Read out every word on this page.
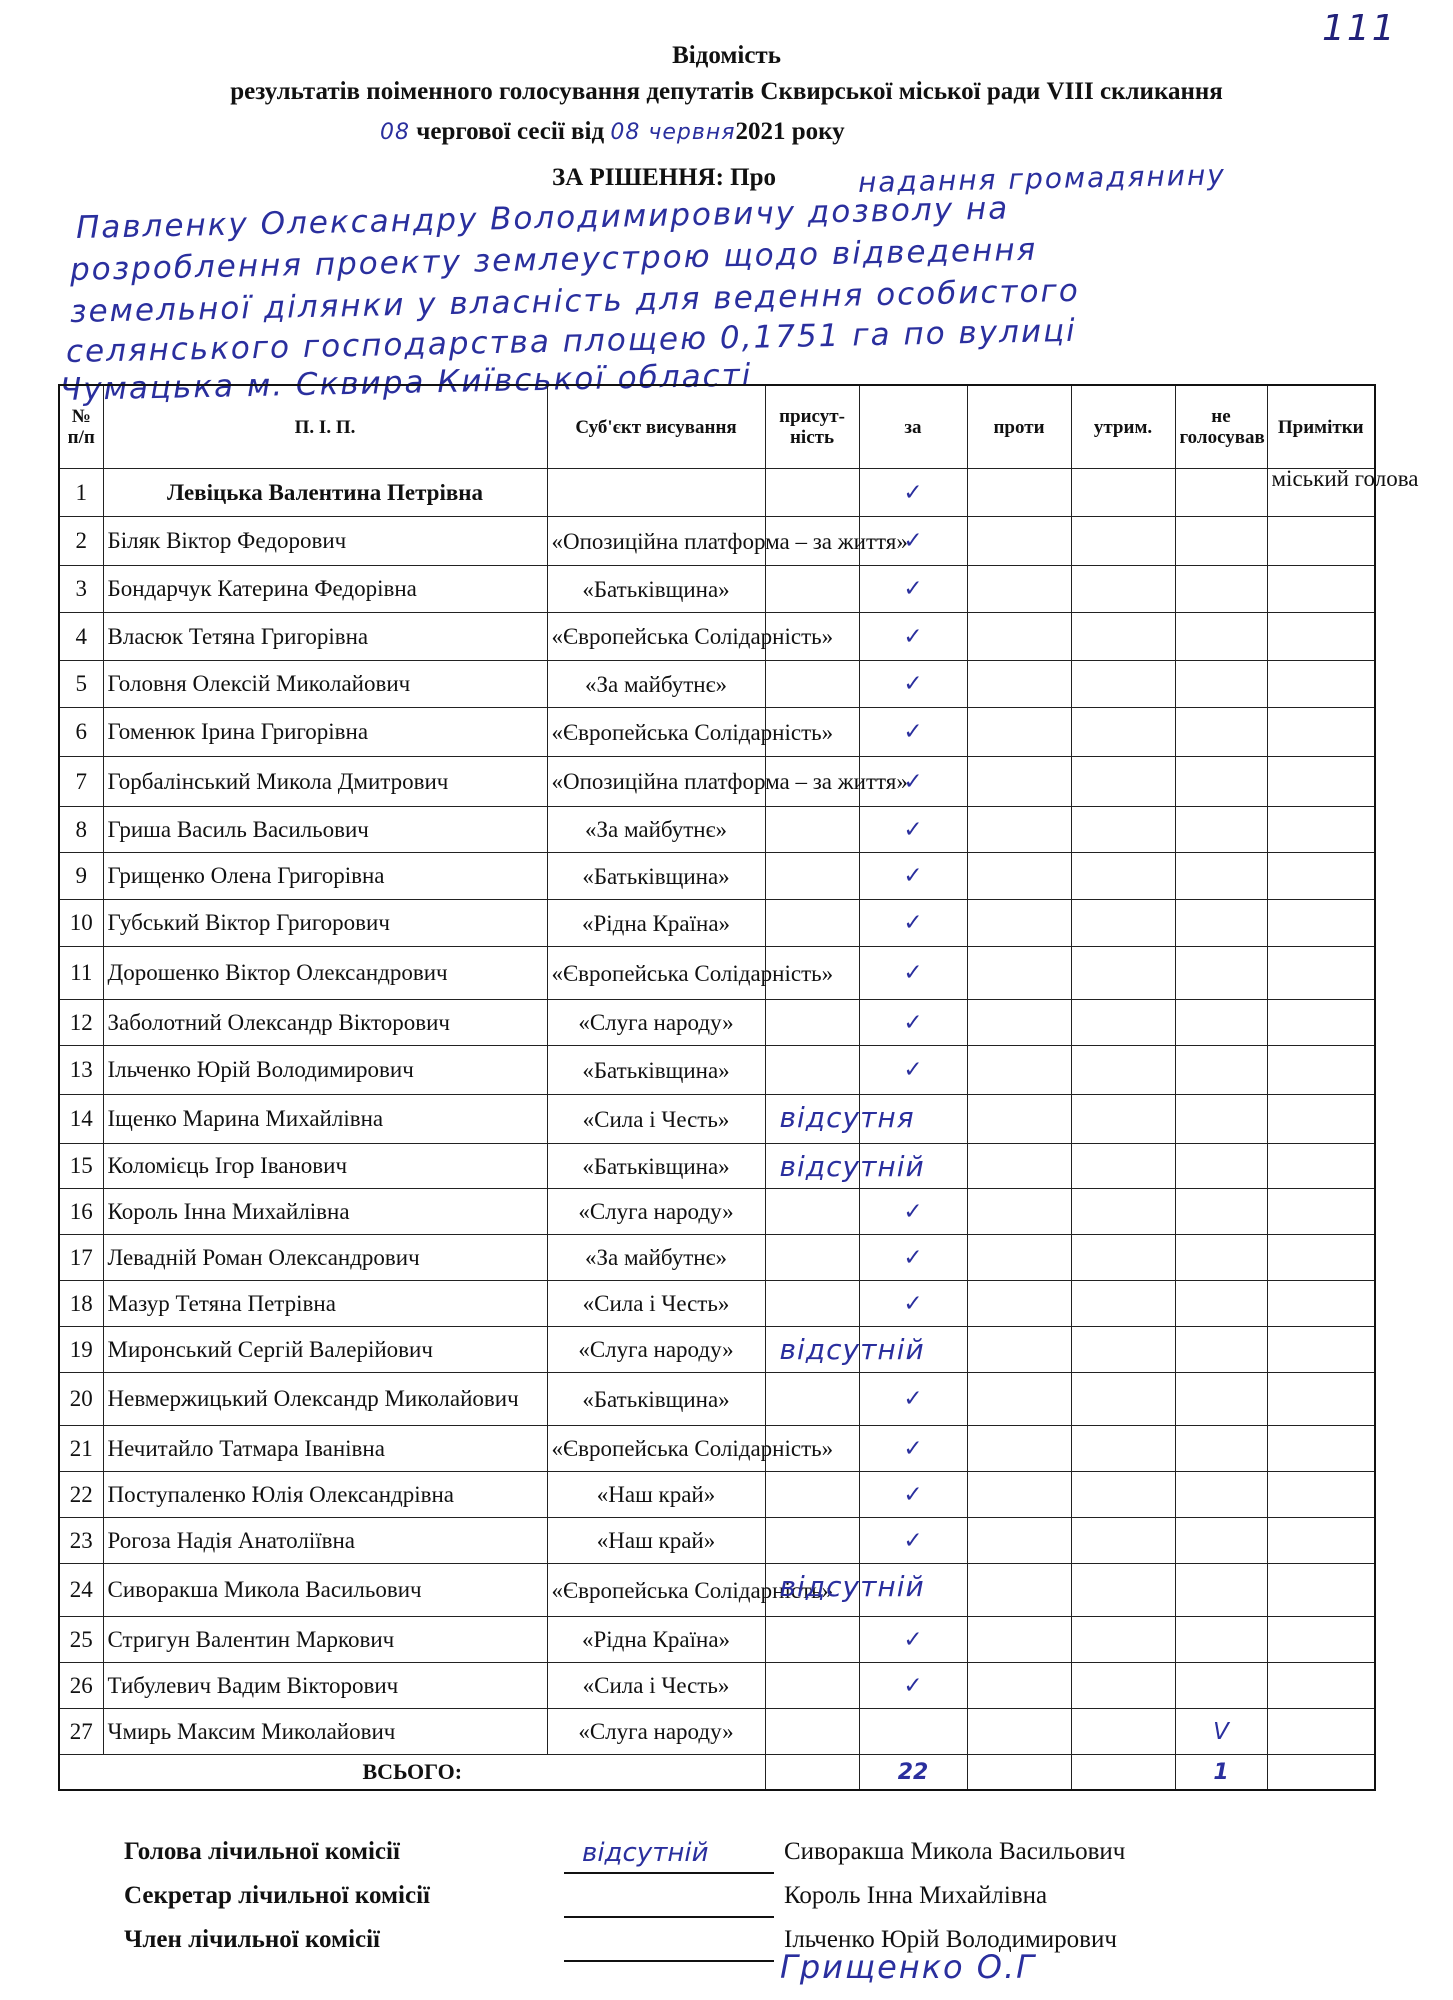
111
Відомість
результатів поіменного голосування депутатів Сквирської міської ради VIII скликання
08 чергової сесії від 08 червня2021 року
ЗА РІШЕННЯ: Про	надання громадянину
Павленку Олександру Володимировичу дозволу на
розроблення проекту землеустрою щодо відведення
земельної ділянки у власність для ведення особистого
селянського господарства площею 0,1751 га по вулиці
Чумацька м. Сквира Київської області
№ п/п	П. І. П.	Суб'єкт висування	присут-ність	за	проти	утрим.	не голосував	Примітки
1	Левіцька Валентина Петрівна			✓				міський голова
2	Біляк Віктор Федорович	«Опозиційна платформа – за життя»		✓				
3	Бондарчук Катерина Федорівна	«Батьківщина»		✓				
4	Власюк Тетяна Григорівна	«Європейська Солідарність»		✓				
5	Головня Олексій Миколайович	«За майбутнє»		✓				
6	Гоменюк Ірина Григорівна	«Європейська Солідарність»		✓				
7	Горбалінський Микола Дмитрович	«Опозиційна платформа – за життя»		✓				
8	Гриша Василь Васильович	«За майбутнє»		✓				
9	Грищенко Олена Григорівна	«Батьківщина»		✓				
10	Губський Віктор Григорович	«Рідна Країна»		✓				
11	Дорошенко Віктор Олександрович	«Європейська Солідарність»		✓				
12	Заболотний Олександр Вікторович	«Слуга народу»		✓				
13	Ільченко Юрій Володимирович	«Батьківщина»		✓				
14	Іщенко Марина Михайлівна	«Сила і Честь»	відсутня					

15	Коломієць Ігор Іванович	«Батьківщина»	відсутній					

16	Король Інна Михайлівна	«Слуга народу»		✓				
17	Левадній Роман Олександрович	«За майбутнє»		✓				
18	Мазур Тетяна Петрівна	«Сила і Честь»		✓				
19	Миронський Сергій Валерійович	«Слуга народу»	відсутній					

20	Невмержицький Олександр Миколайович	«Батьківщина»		✓				
21	Нечитайло Татмара Іванівна	«Європейська Солідарність»		✓				
22	Поступаленко Юлія Олександрівна	«Наш край»		✓				
23	Рогоза Надія Анатоліївна	«Наш край»		✓				
24	Сиворакша Микола Васильович	«Європейська Солідарність»	відсутній					

25	Стригун Валентин Маркович	«Рідна Країна»		✓				
26	Тибулевич Вадим Вікторович	«Сила і Честь»		✓				
27	Чмирь Максим Миколайович	«Слуга народу»					V	
ВСЬОГО:				22			1	
Голова лічильної комісії	відсутній	Сиворакша Микола Васильович
Секретар лічильної комісії	Король Інна Михайлівна
Член лічильної комісії	Ільченко Юрій Володимирович
Грищенко О.Г
